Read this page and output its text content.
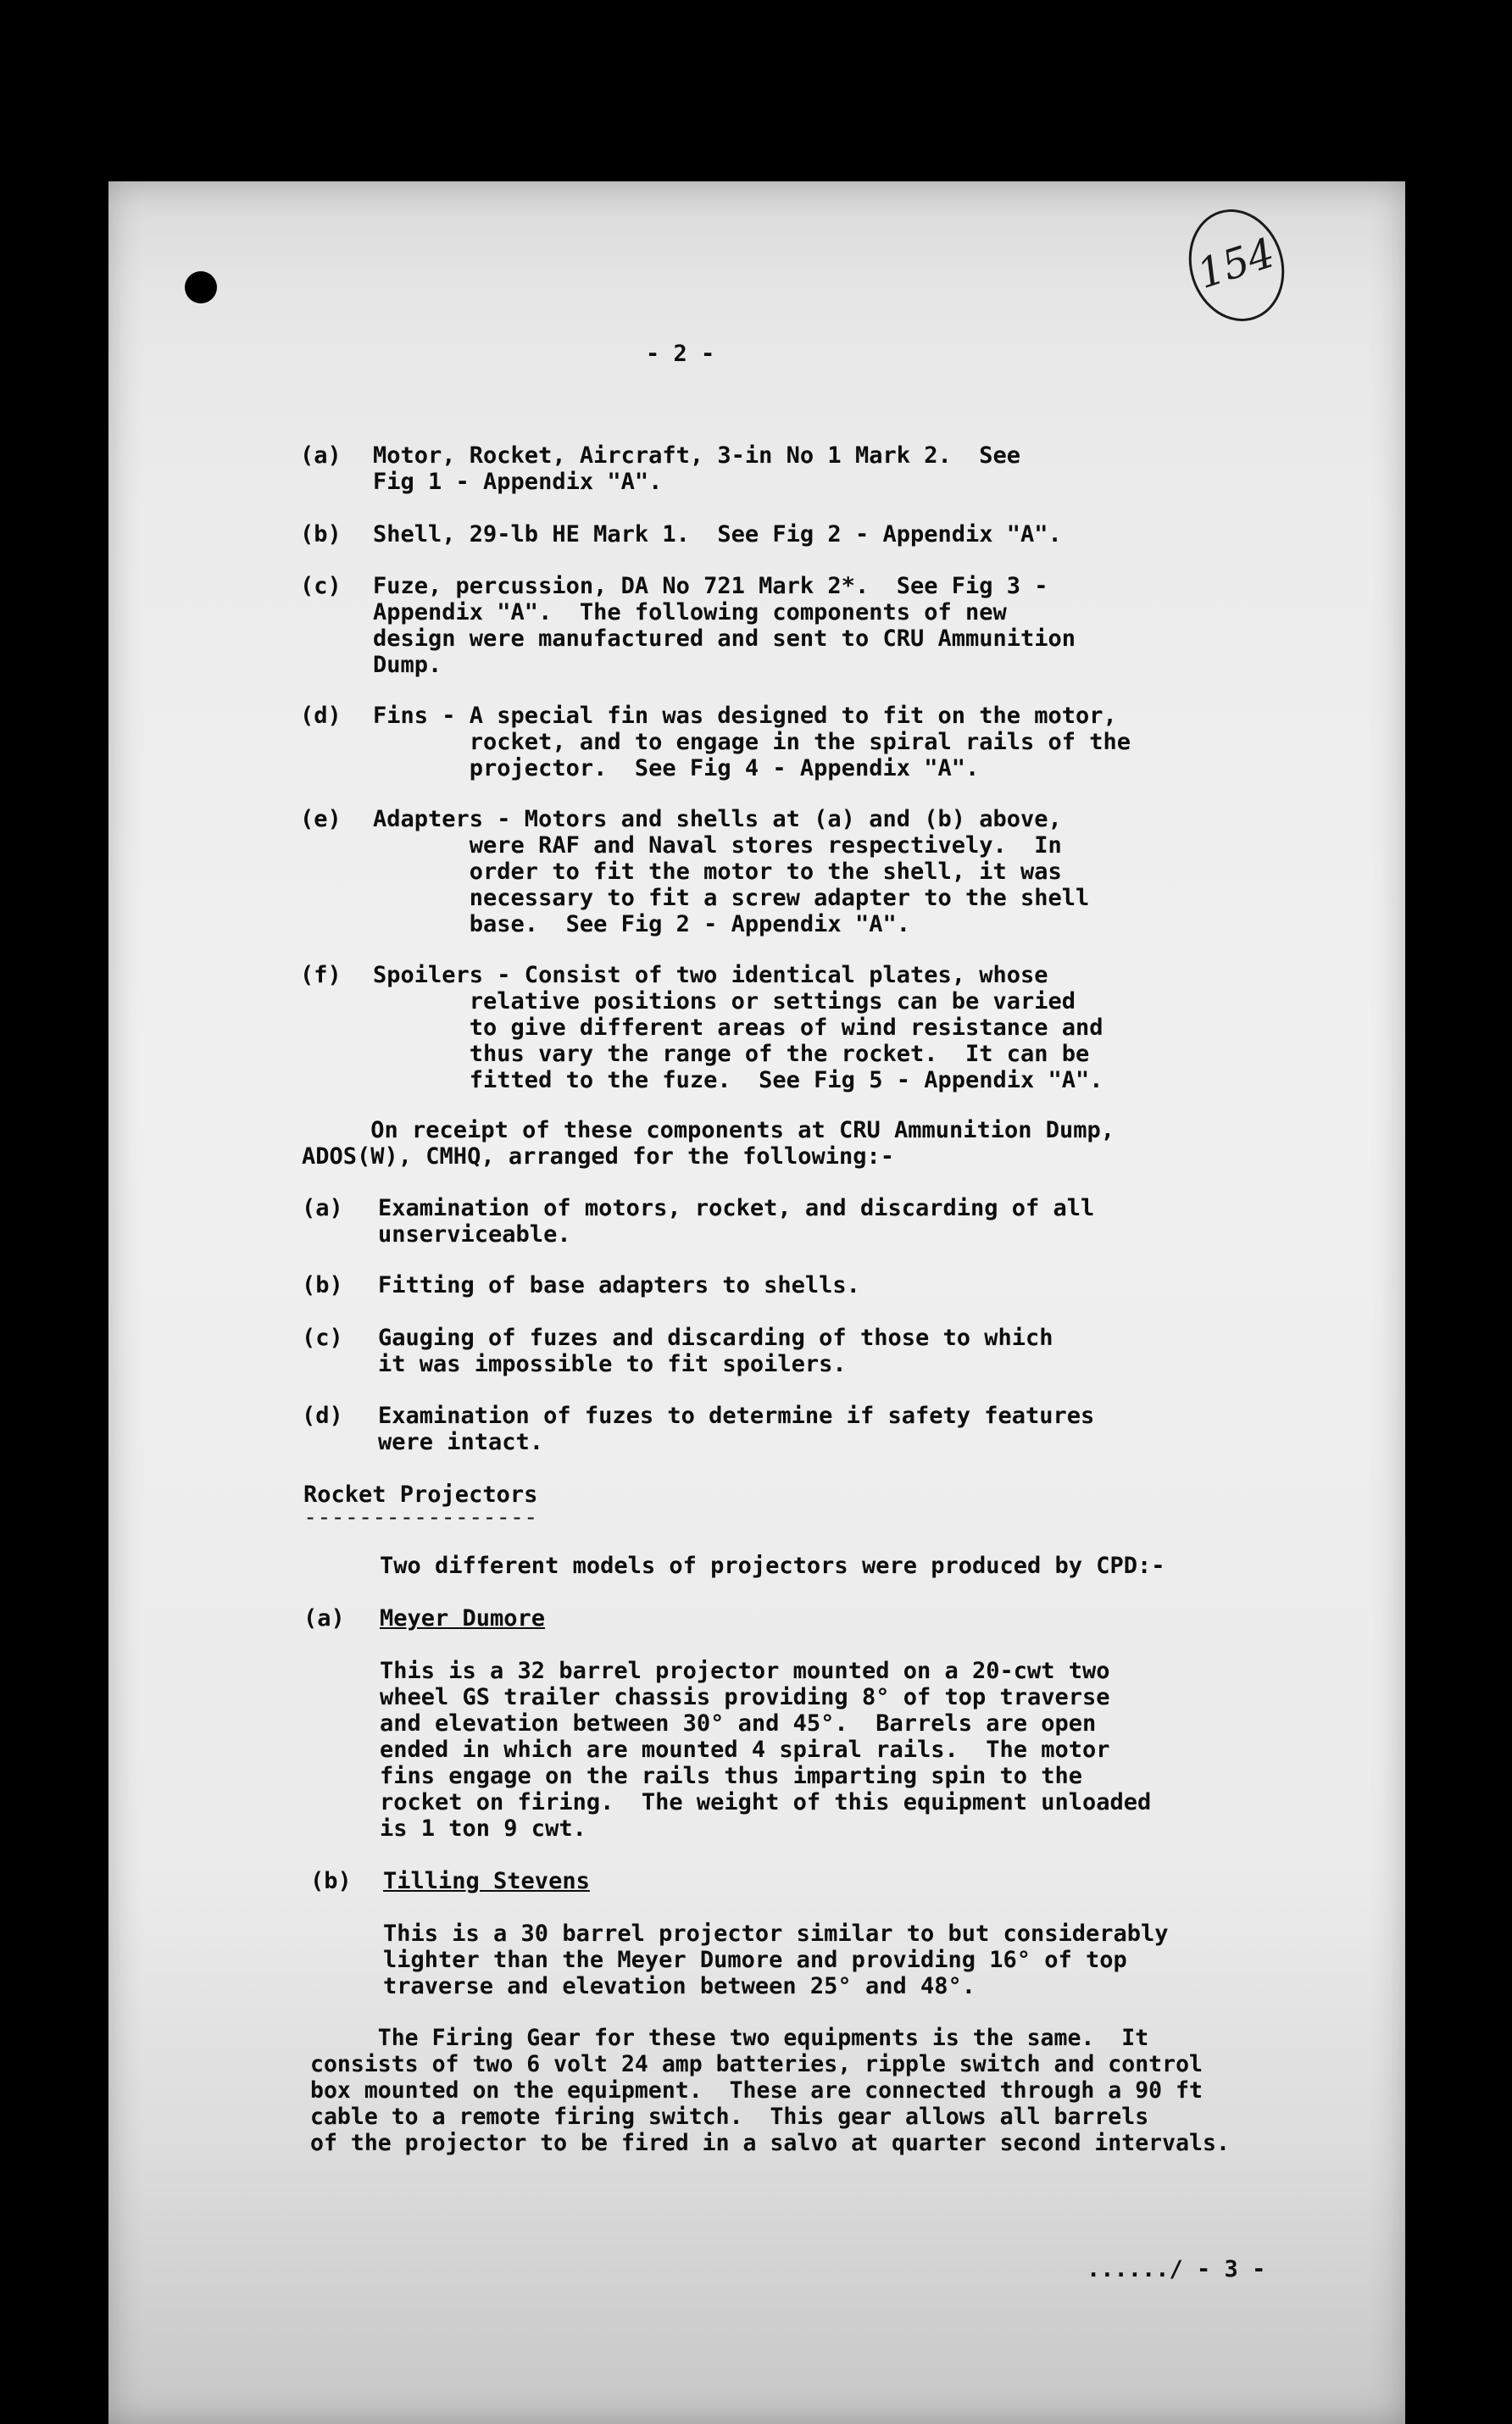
154
- 2 -
(a) Motor, Rocket, Aircraft, 3-in No 1 Mark 2.  See
Fig 1 - Appendix "A".
(b) Shell, 29-lb HE Mark 1.  See Fig 2 - Appendix "A".
(c) Fuze, percussion, DA No 721 Mark 2*.  See Fig 3 -
Appendix "A".  The following components of new
design were manufactured and sent to CRU Ammunition
Dump.
(d) Fins - A special fin was designed to fit on the motor,
rocket, and to engage in the spiral rails of the
projector.  See Fig 4 - Appendix "A".
(e) Adapters - Motors and shells at (a) and (b) above,
were RAF and Naval stores respectively.  In
order to fit the motor to the shell, it was
necessary to fit a screw adapter to the shell
base.  See Fig 2 - Appendix "A".
(f) Spoilers - Consist of two identical plates, whose
relative positions or settings can be varied
to give different areas of wind resistance and
thus vary the range of the rocket.  It can be
fitted to the fuze.  See Fig 5 - Appendix "A".
On receipt of these components at CRU Ammunition Dump,
ADOS(W), CMHQ, arranged for the following:-
(a) Examination of motors, rocket, and discarding of all
unserviceable.
(b) Fitting of base adapters to shells.
(c) Gauging of fuzes and discarding of those to which
it was impossible to fit spoilers.
(d) Examination of fuzes to determine if safety features
were intact.
Rocket Projectors
-----------------
Two different models of projectors were produced by CPD:-
(a) Meyer Dumore
This is a 32 barrel projector mounted on a 20-cwt two
wheel GS trailer chassis providing 8° of top traverse
and elevation between 30° and 45°.  Barrels are open
ended in which are mounted 4 spiral rails.  The motor
fins engage on the rails thus imparting spin to the
rocket on firing.  The weight of this equipment unloaded
is 1 ton 9 cwt.
(b) Tilling Stevens
This is a 30 barrel projector similar to but considerably
lighter than the Meyer Dumore and providing 16° of top
traverse and elevation between 25° and 48°.
The Firing Gear for these two equipments is the same.  It
consists of two 6 volt 24 amp batteries, ripple switch and control
box mounted on the equipment.  These are connected through a 90 ft
cable to a remote firing switch.  This gear allows all barrels
of the projector to be fired in a salvo at quarter second intervals.
....../ - 3 -
